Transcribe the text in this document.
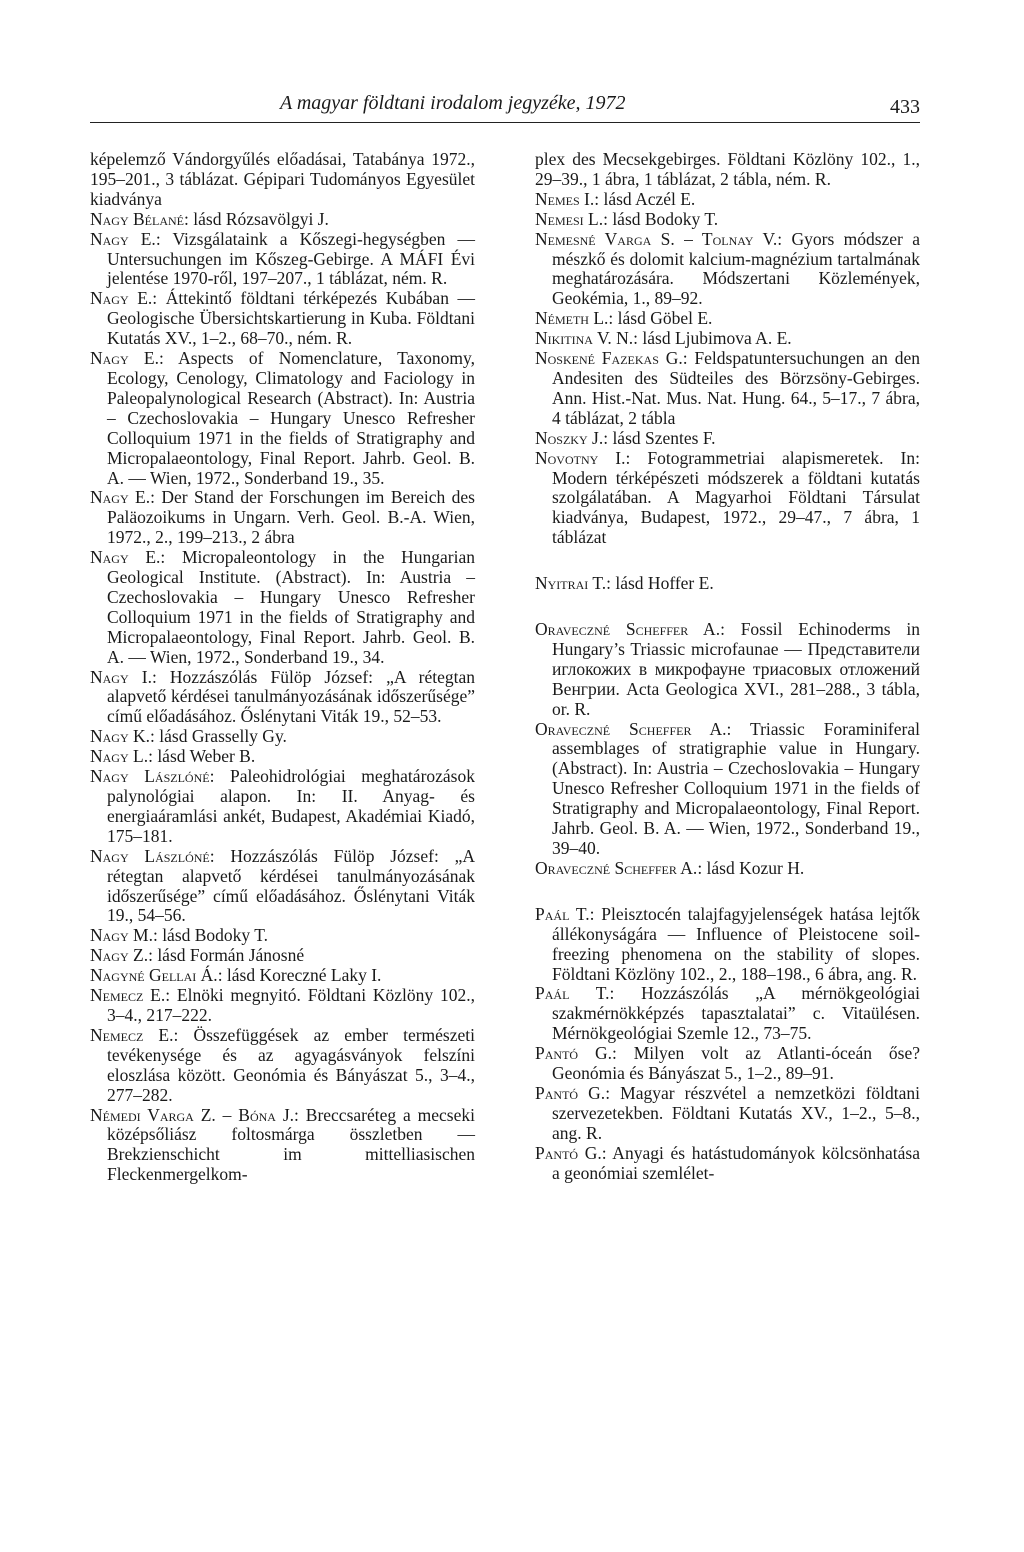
A magyar földtani irodalom jegyzéke, 1972	433

képelemző Vándorgyűlés előadásai, Tatabánya 1972., 195–201., 3 táblázat. Gépipari Tudományos Egyesület kiadványa

Nagy Bélané: lásd Rózsavölgyi J.

Nagy E.: Vizsgálataink a Kőszegi-hegységben — Untersuchungen im Kőszeg-Gebirge. A MÁFI Évi jelentése 1970-ről, 197–207., 1 táblázat, ném. R.

Nagy E.: Áttekintő földtani térképezés Kubában — Geologische Übersichtskartierung in Kuba. Földtani Kutatás XV., 1–2., 68–70., ném. R.

Nagy E.: Aspects of Nomenclature, Taxonomy, Ecology, Cenology, Climatology and Faciology in Paleopalynological Research (Abstract). In: Austria – Czechoslovakia – Hungary Unesco Refresher Colloquium 1971 in the fields of Stratigraphy and Micropalaeontology, Final Report. Jahrb. Geol. B. A. — Wien, 1972., Sonderband 19., 35.

Nagy E.: Der Stand der Forschungen im Bereich des Paläozoikums in Ungarn. Verh. Geol. B.-A. Wien, 1972., 2., 199–213., 2 ábra

Nagy E.: Micropaleontology in the Hungarian Geological Institute. (Abstract). In: Austria – Czechoslovakia – Hungary Unesco Refresher Colloquium 1971 in the fields of Stratigraphy and Micropalaeontology, Final Report. Jahrb. Geol. B. A. — Wien, 1972., Sonderband 19., 34.

Nagy I.: Hozzászólás Fülöp József: „A rétegtan alapvető kérdései tanulmányozásának időszerűsége” című előadásához. Őslénytani Viták 19., 52–53.

Nagy K.: lásd Grasselly Gy.

Nagy L.: lásd Weber B.

Nagy Lászlóné: Paleohidrológiai meghatározások palynológiai alapon. In: II. Anyag- és energiaáramlási ankét, Budapest, Akadémiai Kiadó, 175–181.

Nagy Lászlóné: Hozzászólás Fülöp József: „A rétegtan alapvető kérdései tanulmányozásának időszerűsége” című előadásához. Őslénytani Viták 19., 54–56.

Nagy M.: lásd Bodoky T.

Nagy Z.: lásd Formán Jánosné

Nagyné Gellai Á.: lásd Koreczné Laky I.

Nemecz E.: Elnöki megnyitó. Földtani Közlöny 102., 3–4., 217–222.

Nemecz E.: Összefüggések az ember természeti tevékenysége és az agyagásványok felszíni eloszlása között. Geonómia és Bányászat 5., 3–4., 277–282.

Némedi Varga Z. – Bóna J.: Breccsaréteg a mecseki középsőliász foltosmárga összletben — Brekzienschicht im mittelliasischen Fleckenmergelkom-

plex des Mecsekgebirges. Földtani Közlöny 102., 1., 29–39., 1 ábra, 1 táblázat, 2 tábla, ném. R.

Nemes I.: lásd Aczél E.

Nemesi L.: lásd Bodoky T.

Nemesné Varga S. – Tolnay V.: Gyors módszer a mészkő és dolomit kalcium-magnézium tartalmának meghatározására. Módszertani Közlemények, Geokémia, 1., 89–92.

Németh L.: lásd Göbel E.

Nikitina V. N.: lásd Ljubimova A. E.

Noskené Fazekas G.: Feldspatuntersuchungen an den Andesiten des Südteiles des Börzsöny-Gebirges. Ann. Hist.-Nat. Mus. Nat. Hung. 64., 5–17., 7 ábra, 4 táblázat, 2 tábla

Noszky J.: lásd Szentes F.

Novotny I.: Fotogrammetriai alapismeretek. In: Modern térképészeti módszerek a földtani kutatás szolgálatában. A Magyarhoi Földtani Társulat kiadványa, Budapest, 1972., 29–47., 7 ábra, 1 táblázat

Nyitrai T.: lásd Hoffer E.

Oraveczné Scheffer A.: Fossil Echinoderms in Hungary’s Triassic microfaunae — Представители иглокожих в микрофауне триасовых отложений Венгрии. Acta Geologica XVI., 281–288., 3 tábla, or. R.

Oraveczné Scheffer A.: Triassic Foraminiferal assemblages of stratigraphie value in Hungary. (Abstract). In: Austria – Czechoslovakia – Hungary Unesco Refresher Colloquium 1971 in the fields of Stratigraphy and Micropalaeontology, Final Report. Jahrb. Geol. B. A. — Wien, 1972., Sonderband 19., 39–40.

Oraveczné Scheffer A.: lásd Kozur H.

Paál T.: Pleisztocén talajfagyjelenségek hatása lejtők állékonyságára — Influence of Pleistocene soil-freezing phenomena on the stability of slopes. Földtani Közlöny 102., 2., 188–198., 6 ábra, ang. R.

Paál T.: Hozzászólás „A mérnökgeológiai szakmérnökképzés tapasztalatai” c. Vitaülésen. Mérnökgeológiai Szemle 12., 73–75.

Pantó G.: Milyen volt az Atlanti-óceán őse? Geonómia és Bányászat 5., 1–2., 89–91.

Pantó G.: Magyar részvétel a nemzetközi földtani szervezetekben. Földtani Kutatás XV., 1–2., 5–8., ang. R.

Pantó G.: Anyagi és hatástudományok kölcsönhatása a geonómiai szemlélet-
